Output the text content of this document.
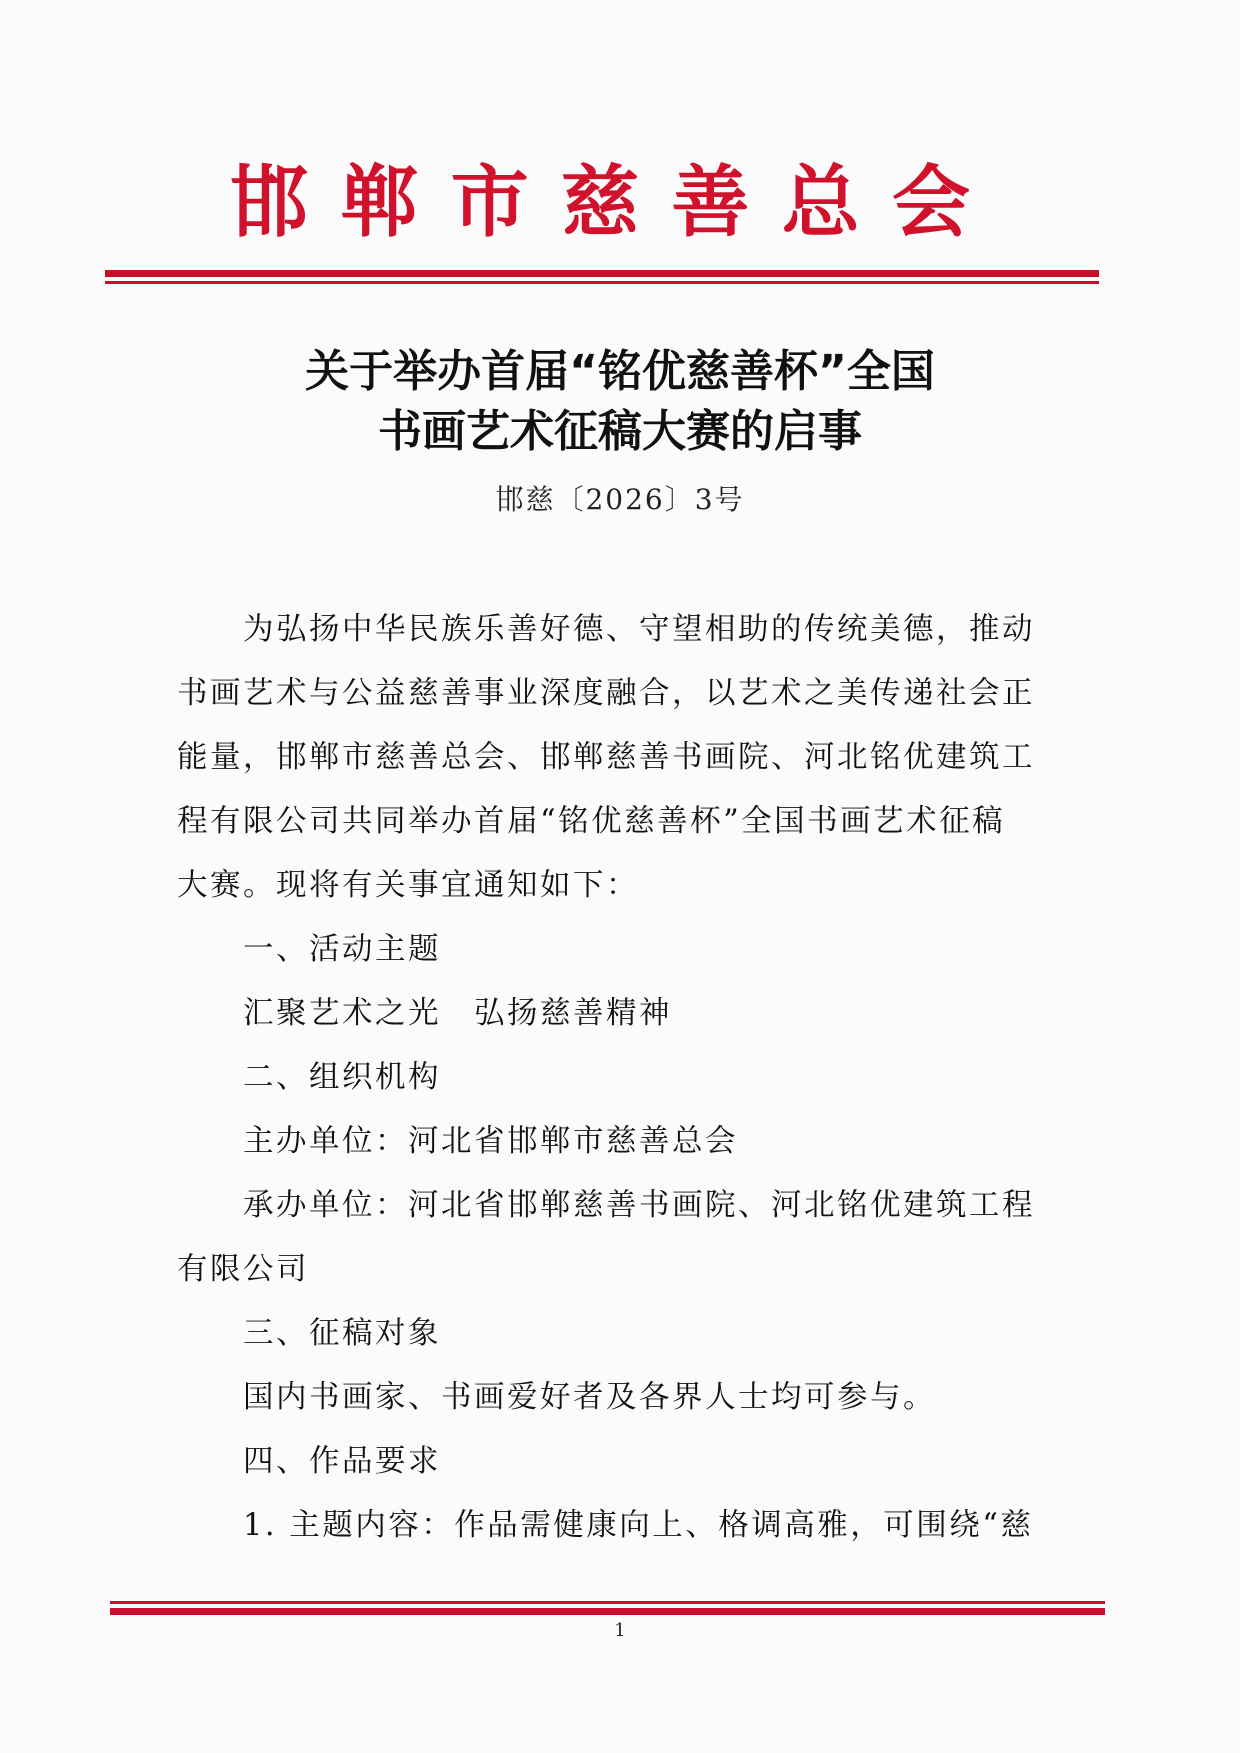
邯 郸 市 慈 善 总 会
关于举办首届“铭优慈善杯”全国
书画艺术征稿大赛的启事
邯慈〔2026〕3号
为弘扬中华民族乐善好德、守望相助的传统美德，推动
书画艺术与公益慈善事业深度融合，以艺术之美传递社会正
能量，邯郸市慈善总会、邯郸慈善书画院、河北铭优建筑工
程有限公司共同举办首届“铭优慈善杯”全国书画艺术征稿
大赛。现将有关事宜通知如下：
一、活动主题
汇聚艺术之光　弘扬慈善精神
二、组织机构
主办单位：河北省邯郸市慈善总会
承办单位：河北省邯郸慈善书画院、河北铭优建筑工程
有限公司
三、征稿对象
国内书画家、书画爱好者及各界人士均可参与。
四、作品要求
1. 主题内容：作品需健康向上、格调高雅，可围绕“慈
1
